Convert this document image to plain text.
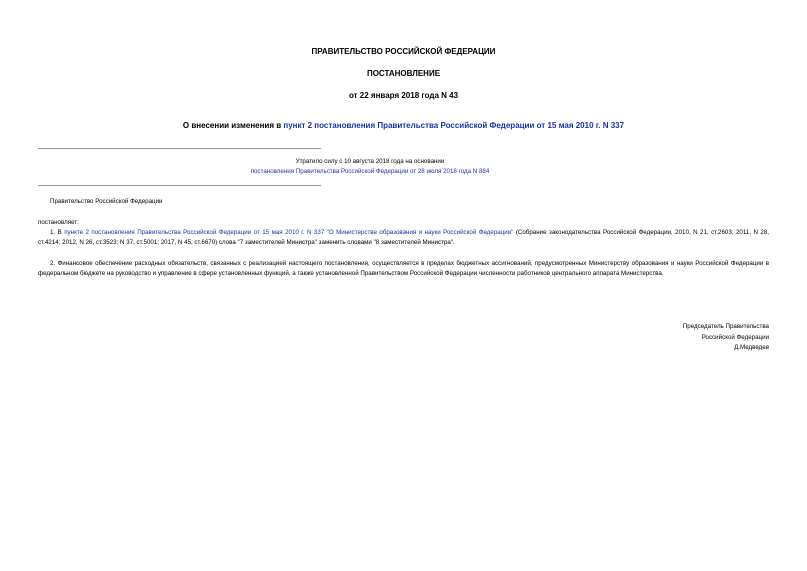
ПРАВИТЕЛЬСТВО РОССИЙСКОЙ ФЕДЕРАЦИИ
ПОСТАНОВЛЕНИЕ
от 22 января 2018 года N 43
О внесении изменения в пункт 2 постановления Правительства Российской Федерации от 15 мая 2010 г. N 337
Утратило силу с 10 августа 2018 года на основании
постановления Правительства Российской Федерации от 28 июля 2018 года N 884
Правительство Российской Федерации
постановляет:
1. В пункте 2 постановления Правительства Российской Федерации от 15 мая 2010 г. N 337 "О Министерстве образования и науки Российской Федерации" (Собрание законодательства Российской Федерации, 2010, N 21, ст.2603; 2011, N 28, ст.4214; 2012, N 26, ст.3523; N 37, ст.5001; 2017, N 45, ст.6670) слова "7 заместителей Министра" заменить словами "8 заместителей Министра".
2. Финансовое обеспечение расходных обязательств, связанных с реализацией настоящего постановления, осуществляется в пределах бюджетных ассигнований, предусмотренных Министерству образования и науки Российской Федерации в федеральном бюджете на руководство и управление в сфере установленных функций, а также установленной Правительством Российской Федерации численности работников центрального аппарата Министерства.
Председатель Правительства
Российской Федерации
Д.Медведев
